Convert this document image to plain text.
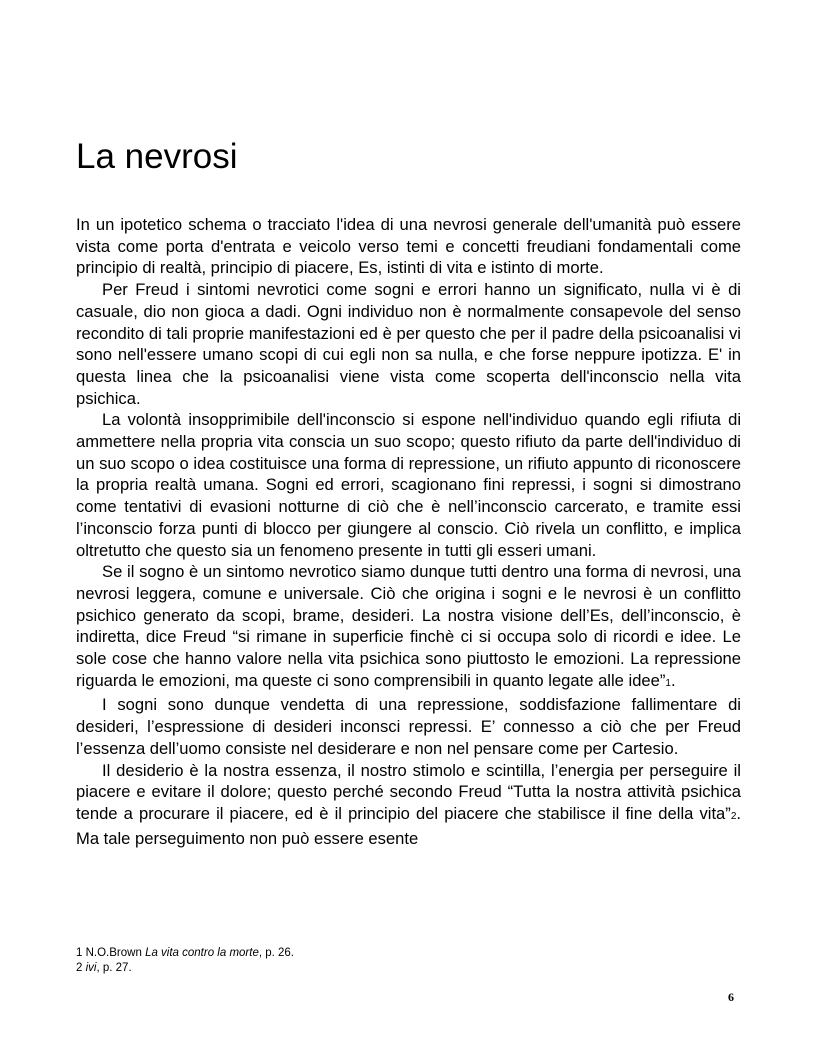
La nevrosi

In un ipotetico schema o tracciato l'idea di una nevrosi generale dell'umanità può essere vista come porta d'entrata e veicolo verso temi e concetti freudiani fondamentali come principio di realtà, principio di piacere, Es, istinti di vita e istinto di morte.

Per Freud i sintomi nevrotici come sogni e errori hanno un significato, nulla vi è di casuale, dio non gioca a dadi. Ogni individuo non è normalmente consapevole del senso recondito di tali proprie manifestazioni ed è per questo che per il padre della psicoanalisi vi sono nell'essere umano scopi di cui egli non sa nulla, e che forse neppure ipotizza. E' in questa linea che la psicoanalisi viene vista come scoperta dell'inconscio nella vita psichica.

La volontà insopprimibile dell'inconscio si espone nell'individuo quando egli rifiuta di ammettere nella propria vita conscia un suo scopo; questo rifiuto da parte dell'individuo di un suo scopo o idea costituisce una forma di repressione, un rifiuto appunto di riconoscere la propria realtà umana. Sogni ed errori, scagionano fini repressi, i sogni si dimostrano come tentativi di evasioni notturne di ciò che è nell’inconscio carcerato, e tramite essi l’inconscio forza punti di blocco per giungere al conscio. Ciò rivela un conflitto, e implica oltretutto che questo sia un fenomeno presente in tutti gli esseri umani.

Se il sogno è un sintomo nevrotico siamo dunque tutti dentro una forma di nevrosi, una nevrosi leggera, comune e universale. Ciò che origina i sogni e le nevrosi è un conflitto psichico generato da scopi, brame, desideri. La nostra visione dell’Es, dell’inconscio, è indiretta, dice Freud “si rimane in superficie finchè ci si occupa solo di ricordi e idee. Le sole cose che hanno valore nella vita psichica sono piuttosto le emozioni. La repressione riguarda le emozioni, ma queste ci sono comprensibili in quanto legate alle idee”1.

I sogni sono dunque vendetta di una repressione, soddisfazione fallimentare di desideri, l’espressione di desideri inconsci repressi. E’ connesso a ciò che per Freud l’essenza dell’uomo consiste nel desiderare e non nel pensare come per Cartesio.

Il desiderio è la nostra essenza, il nostro stimolo e scintilla, l’energia per perseguire il piacere e evitare il dolore; questo perché secondo Freud “Tutta la nostra attività psichica tende a procurare il piacere, ed è il principio del piacere che stabilisce il fine della vita”2. Ma tale perseguimento non può essere esente

1 N.O.Brown La vita contro la morte, p. 26.
2 ivi, p. 27.
6
